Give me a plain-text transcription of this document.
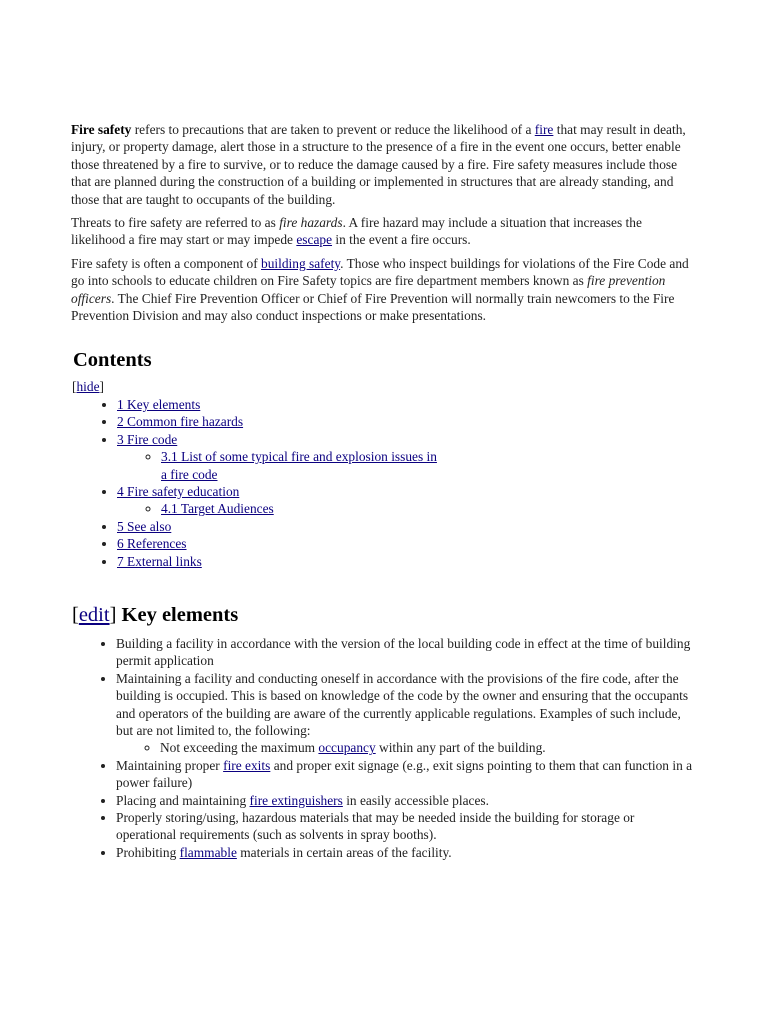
Fire safety refers to precautions that are taken to prevent or reduce the likelihood of a fire that may result in death, injury, or property damage, alert those in a structure to the presence of a fire in the event one occurs, better enable those threatened by a fire to survive, or to reduce the damage caused by a fire. Fire safety measures include those that are planned during the construction of a building or implemented in structures that are already standing, and those that are taught to occupants of the building.

Threats to fire safety are referred to as fire hazards. A fire hazard may include a situation that increases the likelihood a fire may start or may impede escape in the event a fire occurs.

Fire safety is often a component of building safety. Those who inspect buildings for violations of the Fire Code and go into schools to educate children on Fire Safety topics are fire department members known as fire prevention officers. The Chief Fire Prevention Officer or Chief of Fire Prevention will normally train newcomers to the Fire Prevention Division and may also conduct inspections or make presentations.

Contents
[hide]
• 1 Key elements
• 2 Common fire hazards
• 3 Fire code
◦ 3.1 List of some typical fire and explosion issues in a fire code
• 4 Fire safety education
◦ 4.1 Target Audiences
• 5 See also
• 6 References
• 7 External links
[edit] Key elements
• Building a facility in accordance with the version of the local building code in effect at the time of building permit application
• Maintaining a facility and conducting oneself in accordance with the provisions of the fire code, after the building is occupied. This is based on knowledge of the code by the owner and ensuring that the occupants and operators of the building are aware of the currently applicable regulations. Examples of such include, but are not limited to, the following:
◦ Not exceeding the maximum occupancy within any part of the building.
• Maintaining proper fire exits and proper exit signage (e.g., exit signs pointing to them that can function in a power failure)
• Placing and maintaining fire extinguishers in easily accessible places.
• Properly storing/using, hazardous materials that may be needed inside the building for storage or operational requirements (such as solvents in spray booths).
• Prohibiting flammable materials in certain areas of the facility.
